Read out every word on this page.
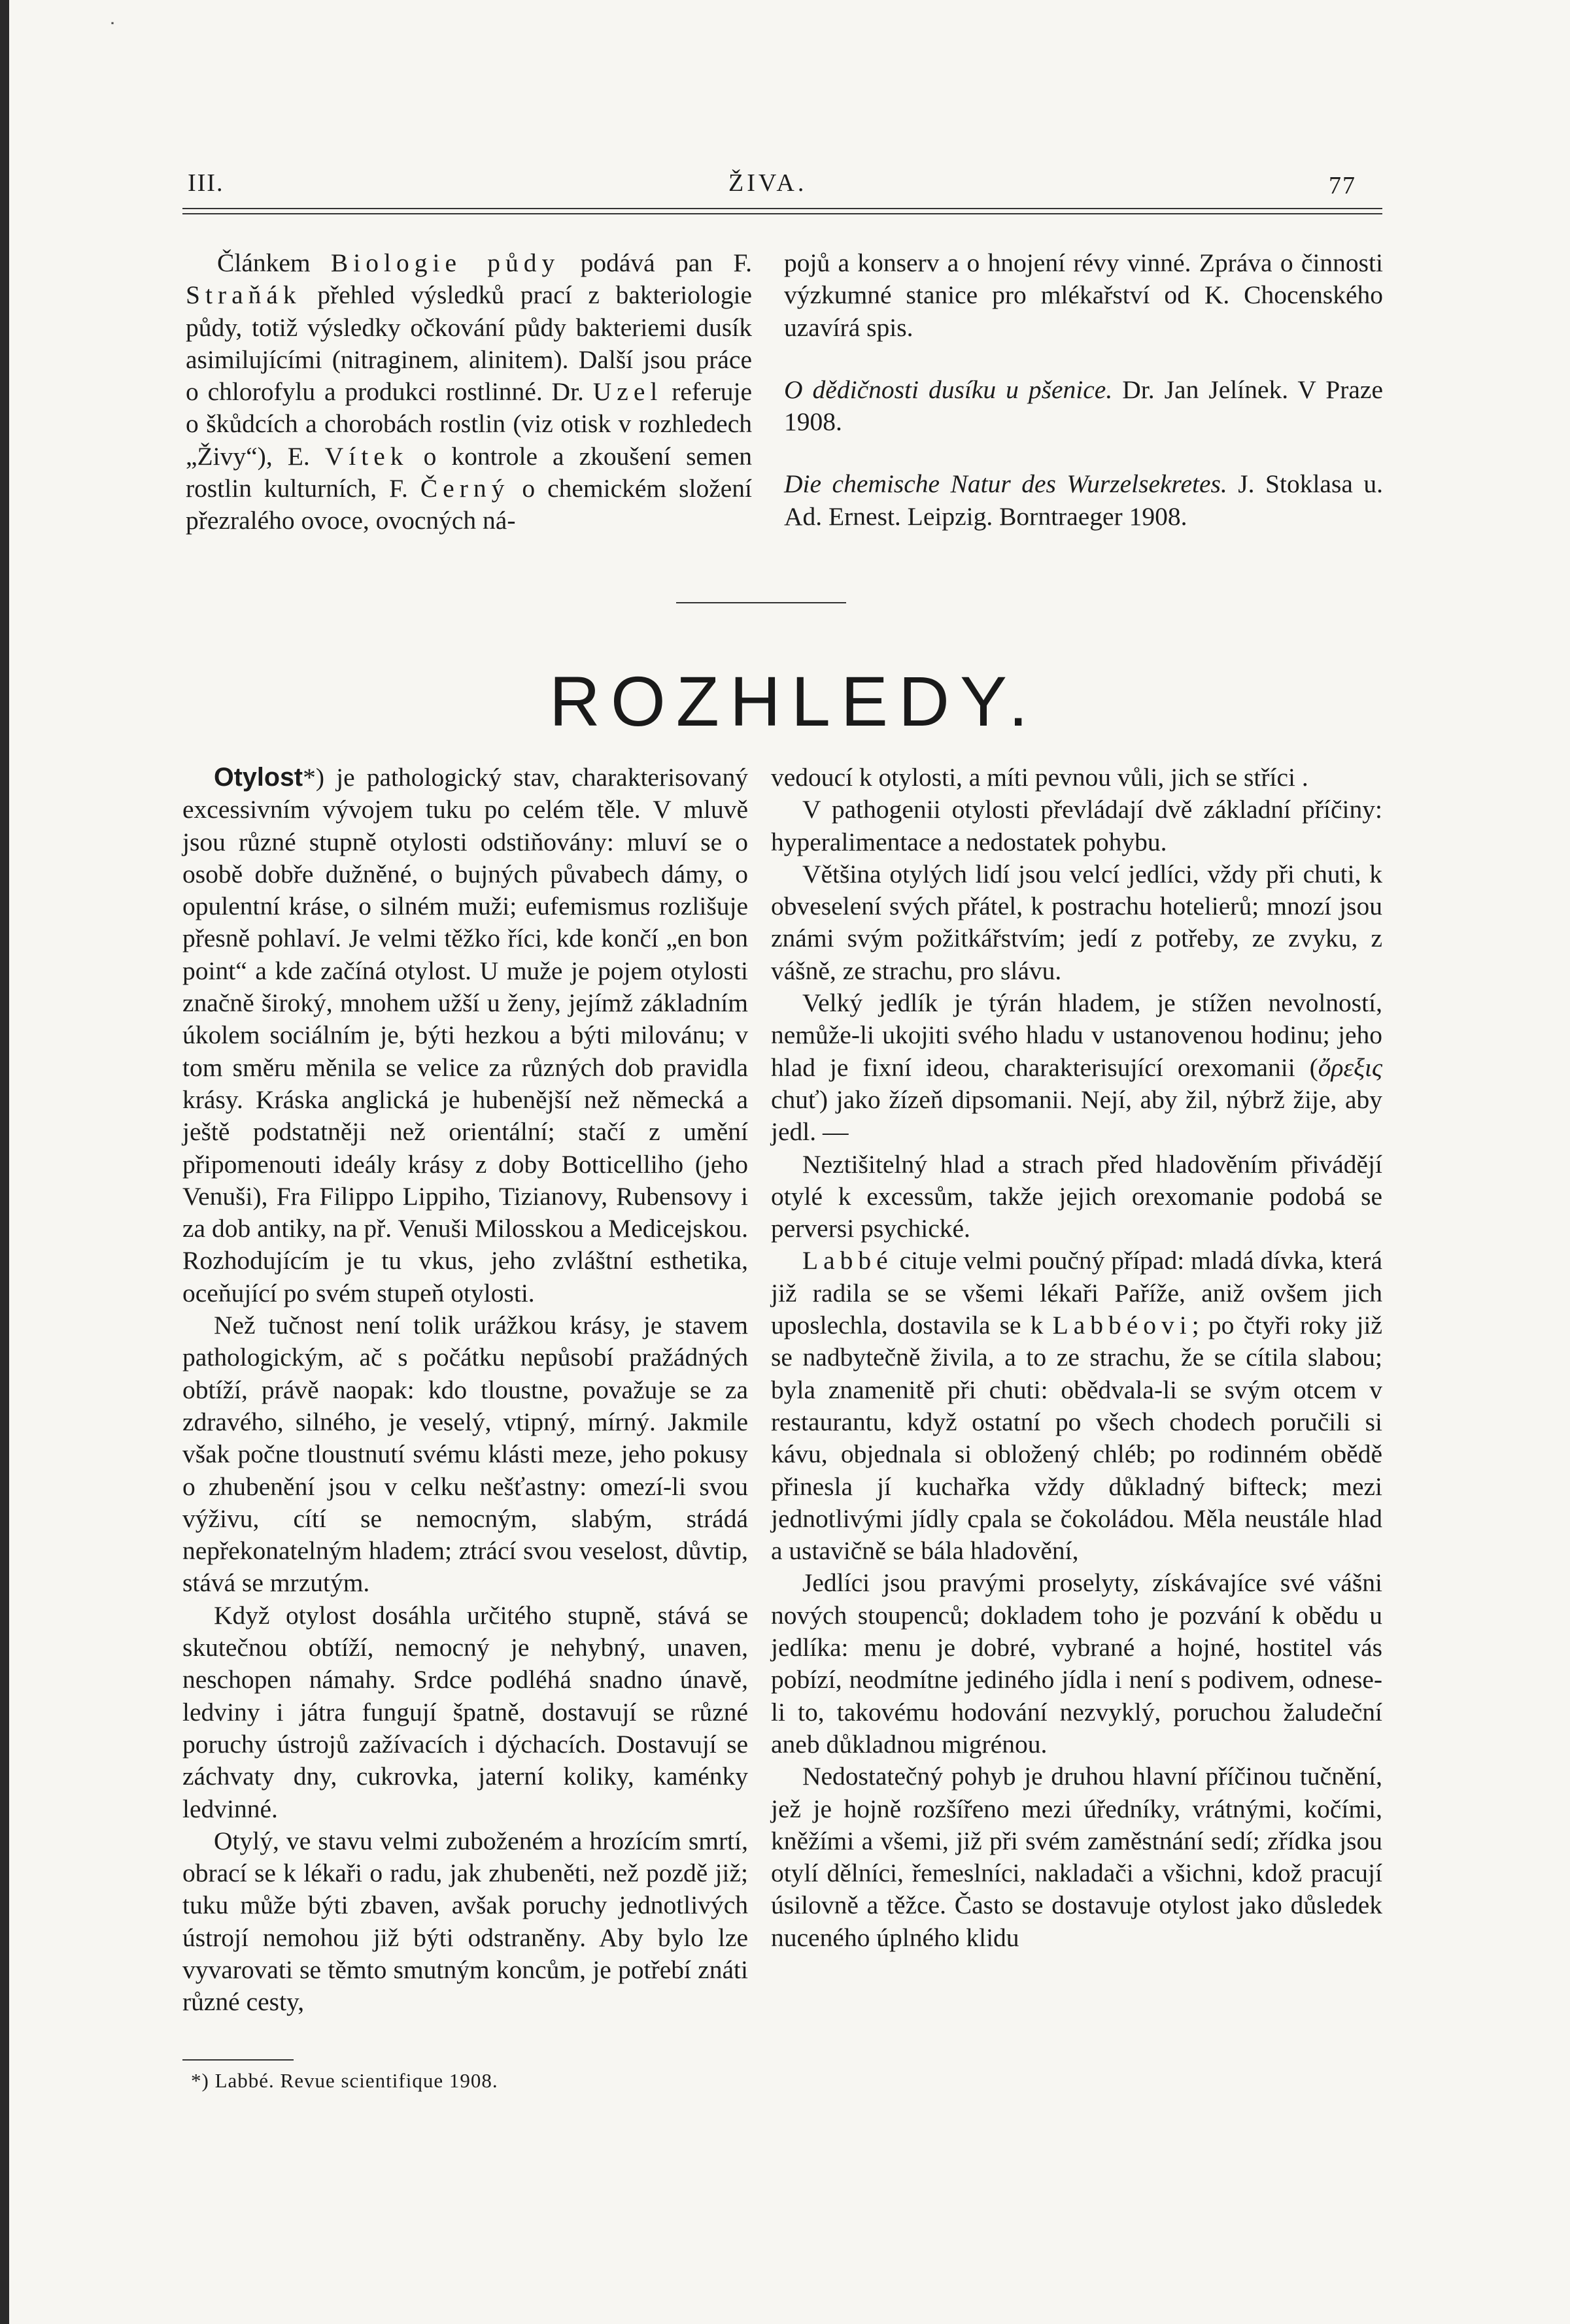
˙
III.	ŽIVA.	77

Článkem Biologie půdy podává pan F. Straňák přehled výsledků prací z bakteriologie půdy, totiž výsledky očkování půdy bakteriemi dusík asimilujícími (nitraginem, alinitem). Další jsou práce o chlorofylu a produkci rostlinné. Dr. Uzel referuje o škůdcích a chorobách rostlin (viz otisk v rozhledech „Živy“), E. Vítek o kontrole a zkoušení semen rostlin kulturních, F. Černý o chemickém složení přezralého ovoce, ovocných ná-

pojů a konserv a o hnojení révy vinné. Zpráva o činnosti výzkumné stanice pro mlékařství od K. Chocenského uzavírá spis.

O dědičnosti dusíku u pšenice. Dr. Jan Jelínek. V Praze 1908.

Die chemische Natur des Wurzelsekretes. J. Stoklasa u. Ad. Ernest. Leipzig. Borntraeger 1908.

ROZHLEDY.

Otylost*) je pathologický stav, charakterisovaný excessivním vývojem tuku po celém těle. V mluvě jsou různé stupně otylosti odstiňovány: mluví se o osobě dobře dužněné, o bujných půvabech dámy, o opulentní kráse, o silném muži; eufemismus rozlišuje přesně pohlaví. Je velmi těžko říci, kde končí „en bon point“ a kde začíná otylost. U muže je pojem otylosti značně široký, mnohem užší u ženy, jejímž základním úkolem sociálním je, býti hezkou a býti milovánu; v tom směru měnila se velice za různých dob pravidla krásy. Kráska anglická je hubenější než německá a ještě podstatněji než orientální; stačí z umění připomenouti ideály krásy z doby Botticelliho (jeho Venuši), Fra Filippo Lippiho, Tizianovy, Rubensovy i za dob antiky, na př. Venuši Milosskou a Medicejskou. Rozhodujícím je tu vkus, jeho zvláštní esthetika, oceňující po svém stupeň otylosti.

Než tučnost není tolik urážkou krásy, je stavem pathologickým, ač s počátku nepůsobí pražádných obtíží, právě naopak: kdo tloustne, považuje se za zdravého, silného, je veselý, vtipný, mírný. Jakmile však počne tloustnutí svému klásti meze, jeho pokusy o zhubenění jsou v celku nešťastny: omezí-li svou výživu, cítí se nemocným, slabým, strádá nepřekonatelným hladem; ztrácí svou veselost, důvtip, stává se mrzutým.

Když otylost dosáhla určitého stupně, stává se skutečnou obtíží, nemocný je nehybný, unaven, neschopen námahy. Srdce podléhá snadno únavě, ledviny i játra fungují špatně, dostavují se různé poruchy ústrojů zažívacích i dýchacích. Dostavují se záchvaty dny, cukrovka, jaterní koliky, kaménky ledvinné.

Otylý, ve stavu velmi zuboženém a hrozícím smrtí, obrací se k lékaři o radu, jak zhubeněti, než pozdě již; tuku může býti zbaven, avšak poruchy jednotlivých ústrojí nemohou již býti odstraněny. Aby bylo lze vyvarovati se těmto smutným koncům, je potřebí znáti různé cesty,

vedoucí k otylosti, a míti pevnou vůli, jich se stříci .

V pathogenii otylosti převládají dvě základní příčiny: hyperalimentace a nedostatek pohybu.

Většina otylých lidí jsou velcí jedlíci, vždy při chuti, k obveselení svých přátel, k postrachu hotelierů; mnozí jsou známi svým požitkářstvím; jedí z potřeby, ze zvyku, z vášně, ze strachu, pro slávu.

Velký jedlík je týrán hladem, je stížen nevolností, nemůže-li ukojiti svého hladu v ustanovenou hodinu; jeho hlad je fixní ideou, charakterisující orexomanii (ὄρεξις chuť) jako žízeň dipsomanii. Nejí, aby žil, nýbrž žije, aby jedl. —

Neztišitelný hlad a strach před hladověním přivádějí otylé k excessům, takže jejich orexomanie podobá se perversi psychické.

Labbé cituje velmi poučný případ: mladá dívka, která již radila se se všemi lékaři Paříže, aniž ovšem jich uposlechla, dostavila se k Labbéovi; po čtyři roky již se nadbytečně živila, a to ze strachu, že se cítila slabou; byla znamenitě při chuti: obědvala-li se svým otcem v restaurantu, když ostatní po všech chodech poručili si kávu, objednala si obložený chléb; po rodinném obědě přinesla jí kuchařka vždy důkladný bifteck; mezi jednotlivými jídly cpala se čokoládou. Měla neustále hlad a ustavičně se bála hladovění,

Jedlíci jsou pravými proselyty, získávajíce své vášni nových stoupenců; dokladem toho je pozvání k obědu u jedlíka: menu je dobré, vybrané a hojné, hostitel vás pobízí, neodmítne jediného jídla i není s podivem, odnese-li to, takovému hodování nezvyklý, poruchou žaludeční aneb důkladnou migrénou.

Nedostatečný pohyb je druhou hlavní příčinou tučnění, jež je hojně rozšířeno mezi úředníky, vrátnými, kočími, kněžími a všemi, již při svém zaměstnání sedí; zřídka jsou otylí dělníci, řemeslníci, nakladači a všichni, kdož pracují úsilovně a těžce. Často se dostavuje otylost jako důsledek nuceného úplného klidu

*) Labbé. Revue scientifique 1908.
